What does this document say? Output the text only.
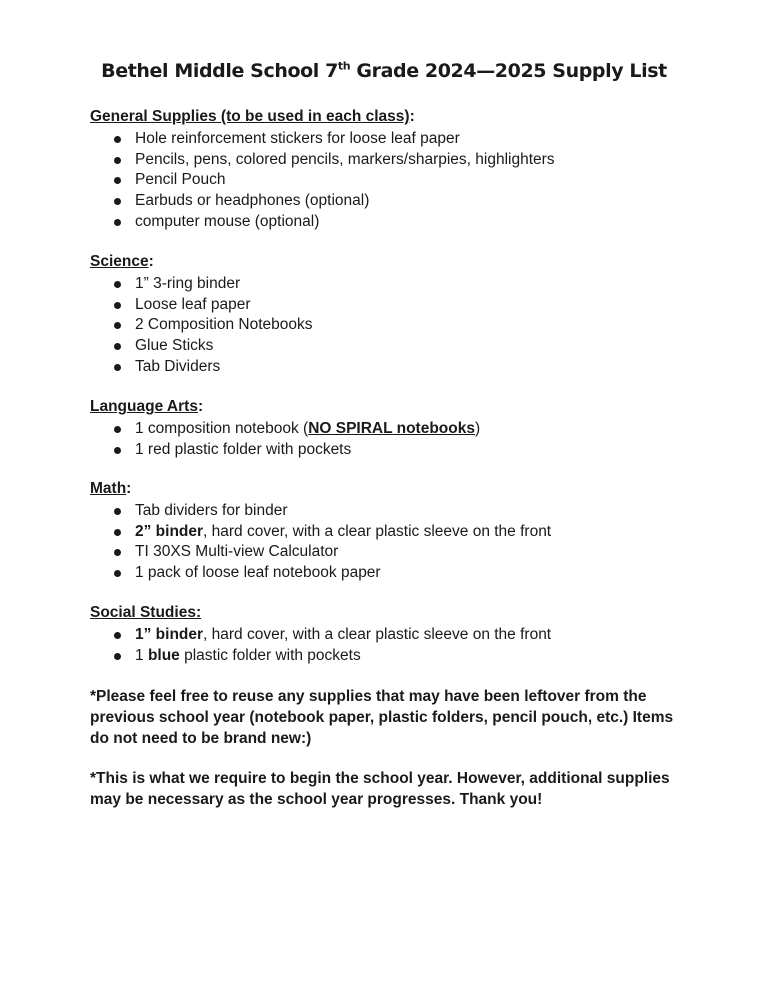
Bethel Middle School 7th Grade 2024—2025 Supply List

General Supplies (to be used in each class):

Hole reinforcement stickers for loose leaf paper
Pencils, pens, colored pencils, markers/sharpies, highlighters
Pencil Pouch
Earbuds or headphones (optional)
computer mouse (optional)

Science:

1” 3-ring binder
Loose leaf paper
2 Composition Notebooks
Glue Sticks
Tab Dividers

Language Arts:

1 composition notebook (NO SPIRAL notebooks)
1 red plastic folder with pockets

Math:

Tab dividers for binder
2” binder, hard cover, with a clear plastic sleeve on the front
TI 30XS Multi-view Calculator
1 pack of loose leaf notebook paper

Social Studies:

1” binder, hard cover, with a clear plastic sleeve on the front
1 blue plastic folder with pockets

*Please feel free to reuse any supplies that may have been leftover from the previous school year (notebook paper, plastic folders, pencil pouch, etc.) Items do not need to be brand new:)

*This is what we require to begin the school year. However, additional supplies may be necessary as the school year progresses. Thank you!
